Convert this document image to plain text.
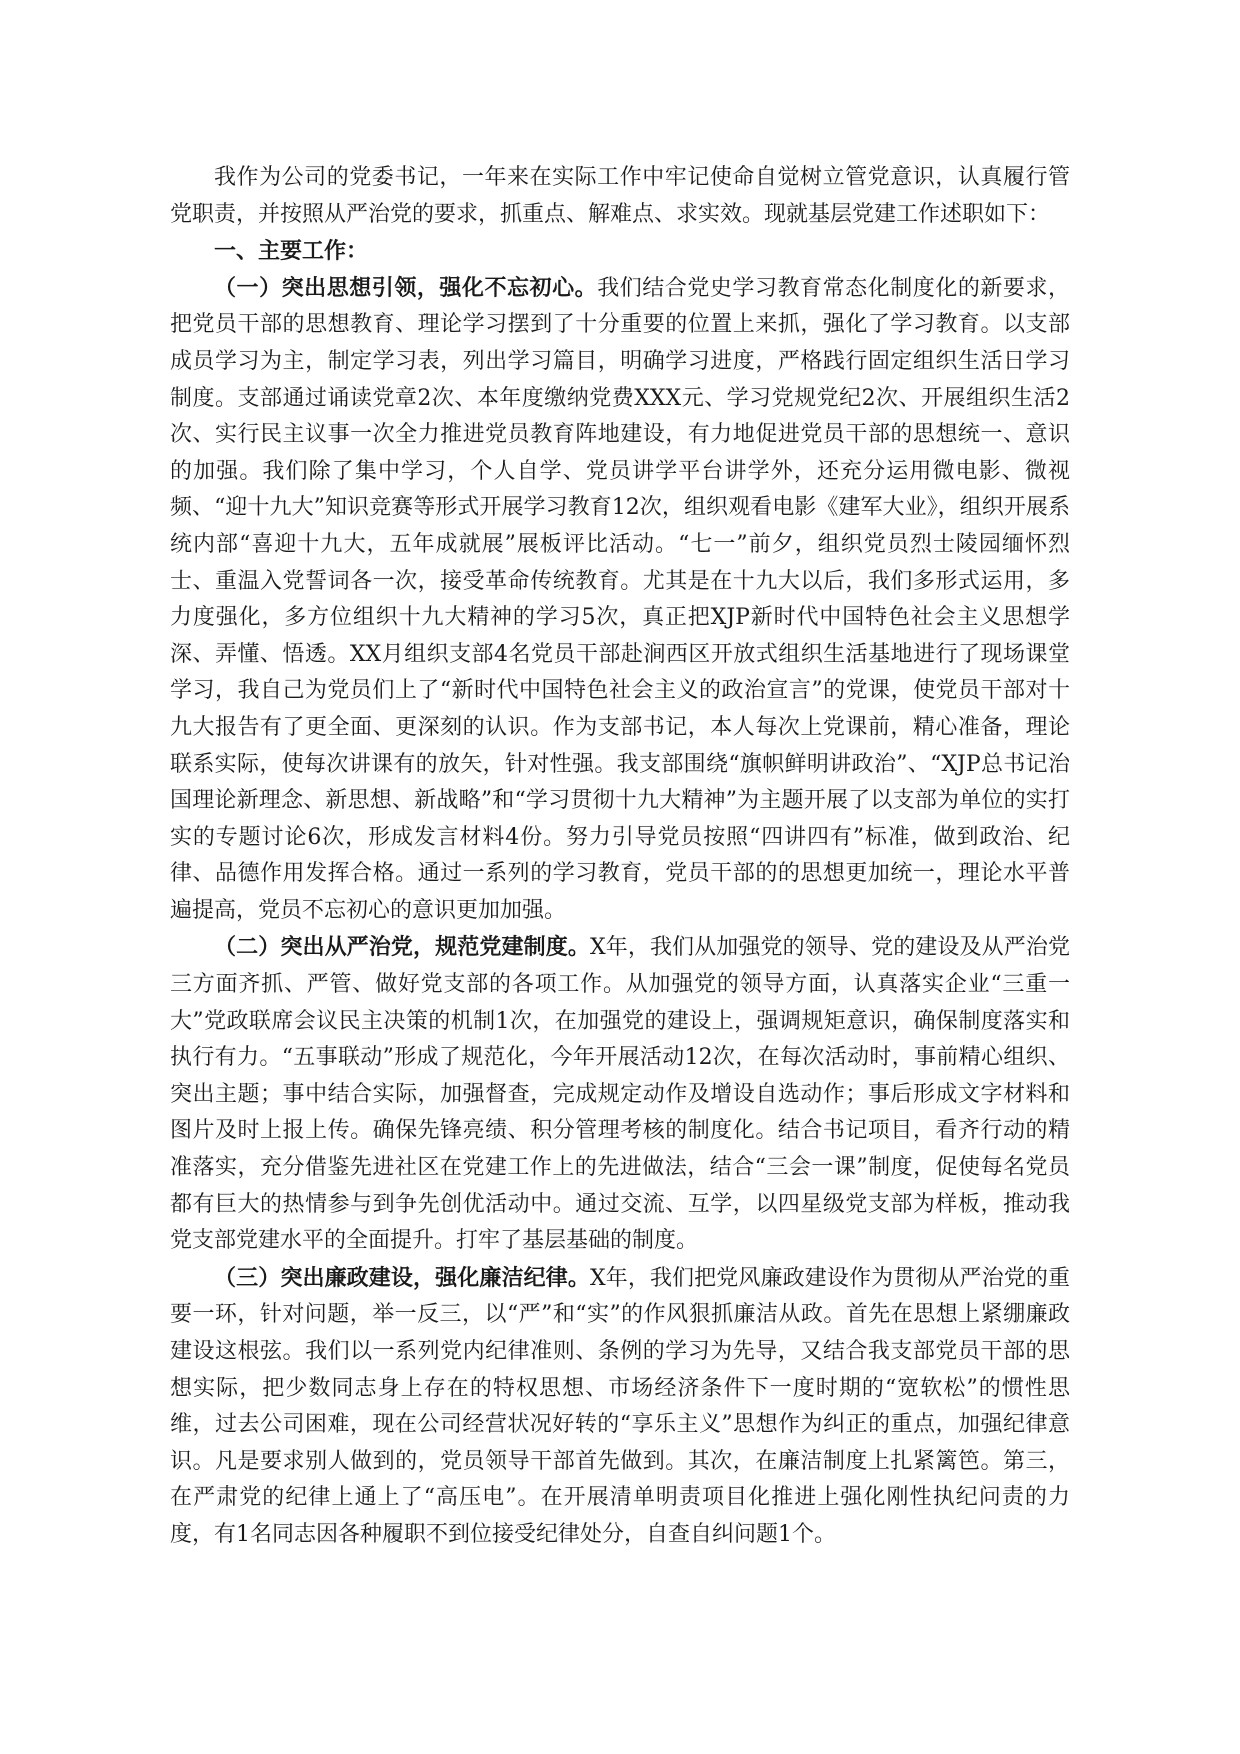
我作为公司的党委书记，一年来在实际工作中牢记使命自觉树立管党意识，认真履行管党职责，并按照从严治党的要求，抓重点、解难点、求实效。现就基层党建工作述职如下：

一、主要工作：

（一）突出思想引领，强化不忘初心。我们结合党史学习教育常态化制度化的新要求，把党员干部的思想教育、理论学习摆到了十分重要的位置上来抓，强化了学习教育。以支部成员学习为主，制定学习表，列出学习篇目，明确学习进度，严格践行固定组织生活日学习制度。支部通过诵读党章2次、本年度缴纳党费XXX元、学习党规党纪2次、开展组织生活2次、实行民主议事一次全力推进党员教育阵地建设，有力地促进党员干部的思想统一、意识的加强。我们除了集中学习，个人自学、党员讲学平台讲学外，还充分运用微电影、微视频、“迎十九大”知识竞赛等形式开展学习教育12次，组织观看电影《建军大业》，组织开展系统内部“喜迎十九大，五年成就展”展板评比活动。“七一”前夕，组织党员烈士陵园缅怀烈士、重温入党誓词各一次，接受革命传统教育。尤其是在十九大以后，我们多形式运用，多力度强化，多方位组织十九大精神的学习5次，真正把XJP新时代中国特色社会主义思想学深、弄懂、悟透。XX月组织支部4名党员干部赴涧西区开放式组织生活基地进行了现场课堂学习，我自己为党员们上了“新时代中国特色社会主义的政治宣言”的党课，使党员干部对十九大报告有了更全面、更深刻的认识。作为支部书记，本人每次上党课前，精心准备，理论联系实际，使每次讲课有的放矢，针对性强。我支部围绕“旗帜鲜明讲政治”、“XJP总书记治国理论新理念、新思想、新战略”和“学习贯彻十九大精神”为主题开展了以支部为单位的实打实的专题讨论6次，形成发言材料4份。努力引导党员按照“四讲四有”标准，做到政治、纪律、品德作用发挥合格。通过一系列的学习教育，党员干部的的思想更加统一，理论水平普遍提高，党员不忘初心的意识更加加强。

（二）突出从严治党，规范党建制度。X年，我们从加强党的领导、党的建设及从严治党三方面齐抓、严管、做好党支部的各项工作。从加强党的领导方面，认真落实企业“三重一大”党政联席会议民主决策的机制1次，在加强党的建设上，强调规矩意识，确保制度落实和执行有力。“五事联动”形成了规范化，今年开展活动12次，在每次活动时，事前精心组织、突出主题；事中结合实际，加强督查，完成规定动作及增设自选动作；事后形成文字材料和图片及时上报上传。确保先锋亮绩、积分管理考核的制度化。结合书记项目，看齐行动的精准落实，充分借鉴先进社区在党建工作上的先进做法，结合“三会一课”制度，促使每名党员都有巨大的热情参与到争先创优活动中。通过交流、互学，以四星级党支部为样板，推动我党支部党建水平的全面提升。打牢了基层基础的制度。

（三）突出廉政建设，强化廉洁纪律。X年，我们把党风廉政建设作为贯彻从严治党的重要一环，针对问题，举一反三，以“严”和“实”的作风狠抓廉洁从政。首先在思想上紧绷廉政建设这根弦。我们以一系列党内纪律准则、条例的学习为先导，又结合我支部党员干部的思想实际，把少数同志身上存在的特权思想、市场经济条件下一度时期的“宽软松”的惯性思维，过去公司困难，现在公司经营状况好转的“享乐主义”思想作为纠正的重点，加强纪律意识。凡是要求别人做到的，党员领导干部首先做到。其次，在廉洁制度上扎紧篱笆。第三，在严肃党的纪律上通上了“高压电”。在开展清单明责项目化推进上强化刚性执纪问责的力度，有1名同志因各种履职不到位接受纪律处分，自查自纠问题1个。
